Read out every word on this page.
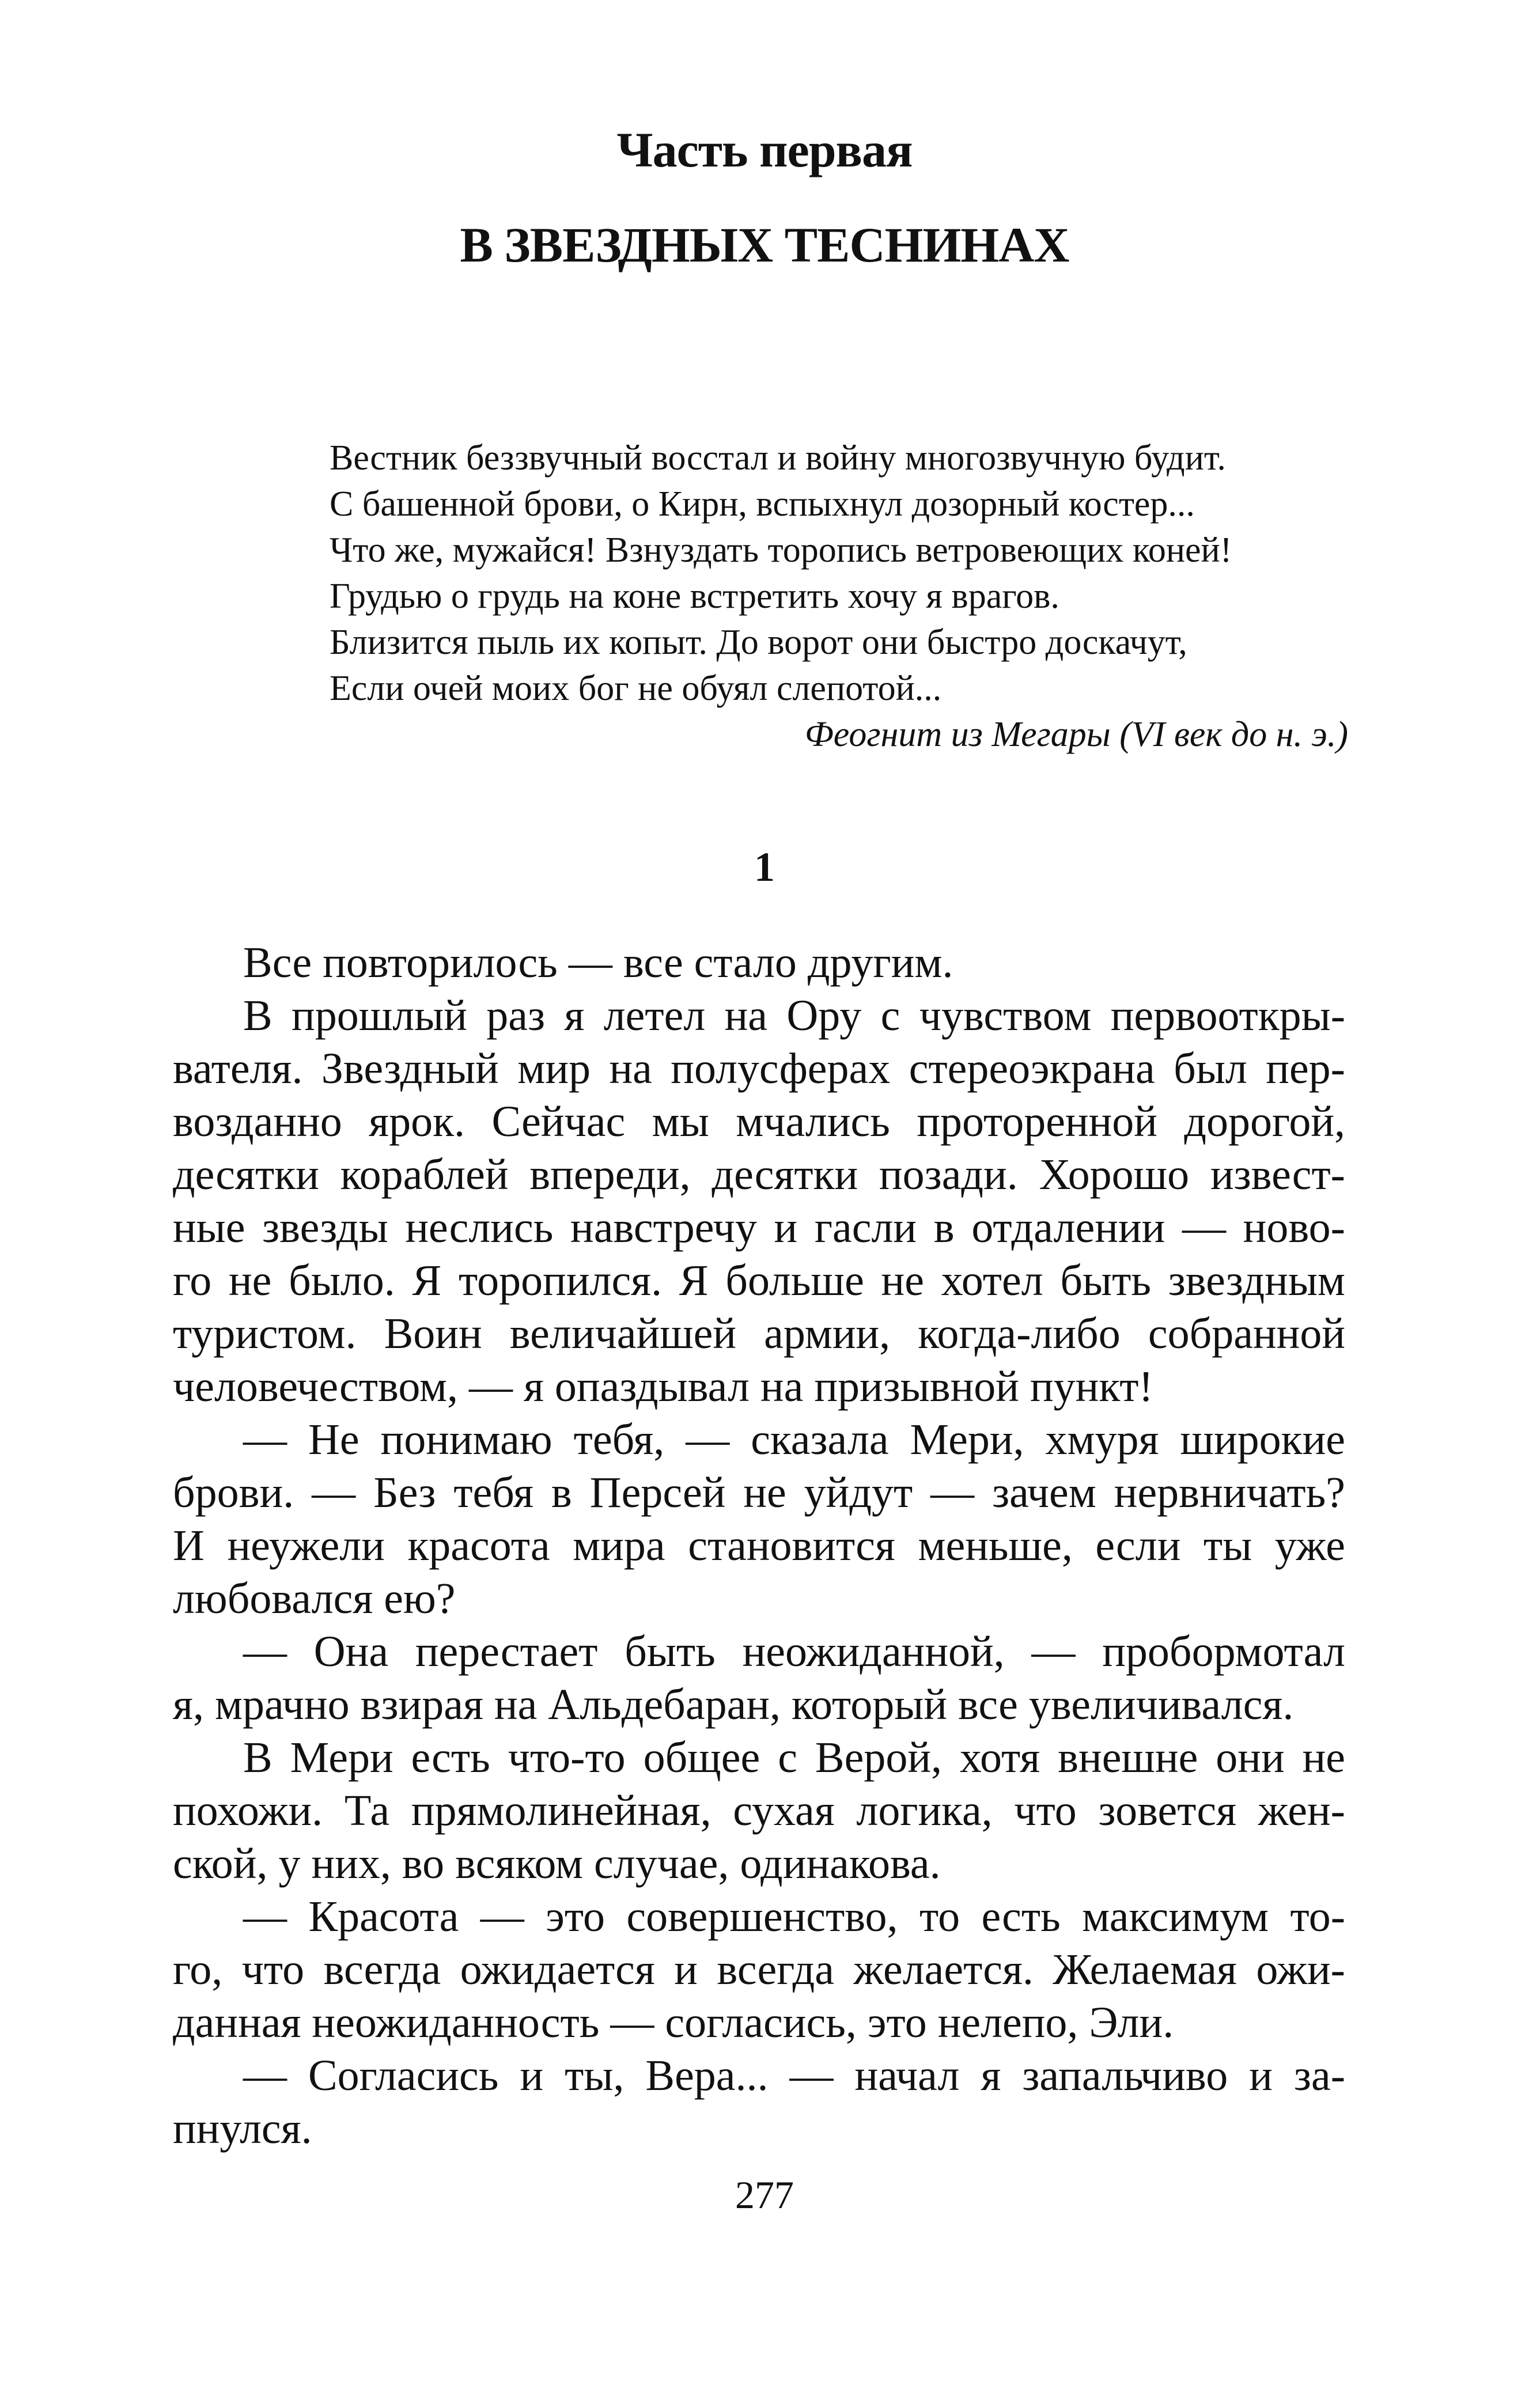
Часть первая
В ЗВЕЗДНЫХ ТЕСНИНАХ
Вестник беззвучный восстал и войну многозвучную будит.
С башенной брови, о Кирн, вспыхнул дозорный костер...
Что же, мужайся! Взнуздать торопись ветровеющих коней!
Грудью о грудь на коне встретить хочу я врагов.
Близится пыль их копыт. До ворот они быстро доскачут,
Если очей моих бог не обуял слепотой...
Феогнит из Мегары (VI век до н. э.)
1
Все повторилось — все стало другим.
В прошлый раз я летел на Ору с чувством первооткры-
вателя. Звездный мир на полусферах стереоэкрана был пер-
возданно ярок. Сейчас мы мчались проторенной дорогой,
десятки кораблей впереди, десятки позади. Хорошо извест-
ные звезды неслись навстречу и гасли в отдалении — ново-
го не было. Я торопился. Я больше не хотел быть звездным
туристом. Воин величайшей армии, когда-либо собранной
человечеством, — я опаздывал на призывной пункт!
— Не понимаю тебя, — сказала Мери, хмуря широкие
брови. — Без тебя в Персей не уйдут — зачем нервничать?
И неужели красота мира становится меньше, если ты уже
любовался ею?
— Она перестает быть неожиданной, — пробормотал
я, мрачно взирая на Альдебаран, который все увеличивался.
В Мери есть что-то общее с Верой, хотя внешне они не
похожи. Та прямолинейная, сухая логика, что зовется жен-
ской, у них, во всяком случае, одинакова.
— Красота — это совершенство, то есть максимум то-
го, что всегда ожидается и всегда желается. Желаемая ожи-
данная неожиданность — согласись, это нелепо, Эли.
— Согласись и ты, Вера... — начал я запальчиво и за-
пнулся.
277
